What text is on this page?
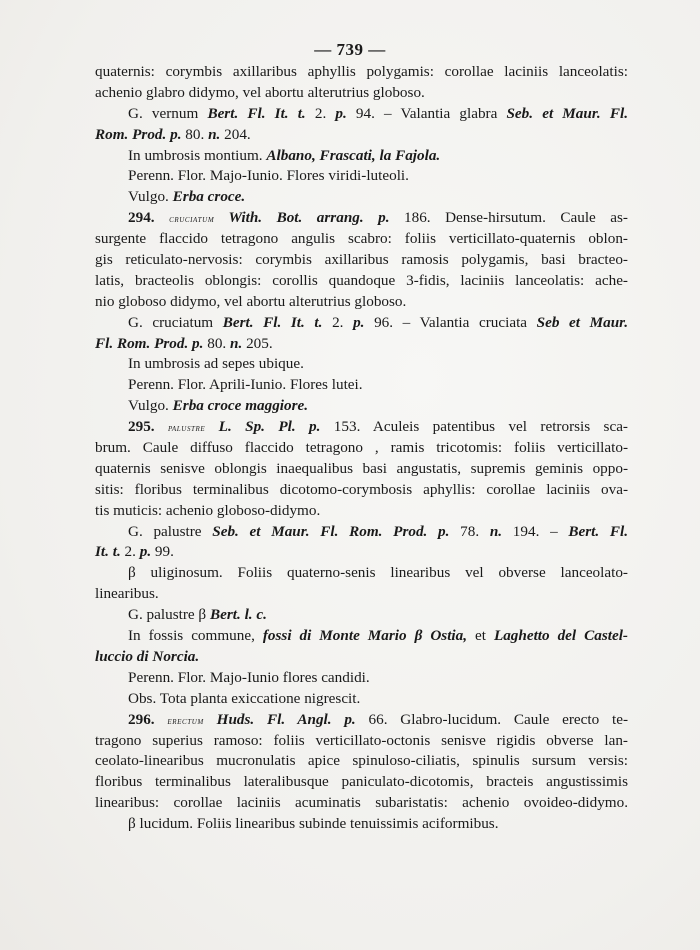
— 739 —
quaternis: corymbis axillaribus aphyllis polygamis: corollae laciniis lanceolatis:
achenio glabro didymo, vel abortu alterutrius globoso.
G. vernum Bert. Fl. It. t. 2. p. 94. – Valantia glabra Seb. et Maur. Fl.
Rom. Prod. p. 80. n. 204.
In umbrosis montium. Albano, Frascati, la Fajola.
Perenn. Flor. Majo-Iunio. Flores viridi-luteoli.
Vulgo. Erba croce.
294. cruciatum With. Bot. arrang. p. 186. Dense-hirsutum. Caule as-
surgente flaccido tetragono angulis scabro: foliis verticillato-quaternis oblon-
gis reticulato-nervosis: corymbis axillaribus ramosis polygamis, basi bracteo-
latis, bracteolis oblongis: corollis quandoque 3-fidis, laciniis lanceolatis: ache-
nio globoso didymo, vel abortu alterutrius globoso.
G. cruciatum Bert. Fl. It. t. 2. p. 96. – Valantia cruciata Seb et Maur.
Fl. Rom. Prod. p. 80. n. 205.
In umbrosis ad sepes ubique.
Perenn. Flor. Aprili-Iunio. Flores lutei.
Vulgo. Erba croce maggiore.
295. palustre L. Sp. Pl. p. 153. Aculeis patentibus vel retrorsis sca-
brum. Caule diffuso flaccido tetragono , ramis tricotomis: foliis verticillato-
quaternis senisve oblongis inaequalibus basi angustatis, supremis geminis oppo-
sitis: floribus terminalibus dicotomo-corymbosis aphyllis: corollae laciniis ova-
tis muticis: achenio globoso-didymo.
G. palustre Seb. et Maur. Fl. Rom. Prod. p. 78. n. 194. – Bert. Fl.
It. t. 2. p. 99.
β uliginosum. Foliis quaterno-senis linearibus vel obverse lanceolato-
linearibus.
G. palustre β Bert. l. c.
In fossis commune, fossi di Monte Mario β Ostia, et Laghetto del Castel-
luccio di Norcia.
Perenn. Flor. Majo-Iunio flores candidi.
Obs. Tota planta exiccatione nigrescit.
296. erectum Huds. Fl. Angl. p. 66. Glabro-lucidum. Caule erecto te-
tragono superius ramoso: foliis verticillato-octonis senisve rigidis obverse lan-
ceolato-linearibus mucronulatis apice spinuloso-ciliatis, spinulis sursum versis:
floribus terminalibus lateralibusque paniculato-dicotomis, bracteis angustissimis
linearibus: corollae laciniis acuminatis subaristatis: achenio ovoideo-didymo.
β lucidum. Foliis linearibus subinde tenuissimis aciformibus.
